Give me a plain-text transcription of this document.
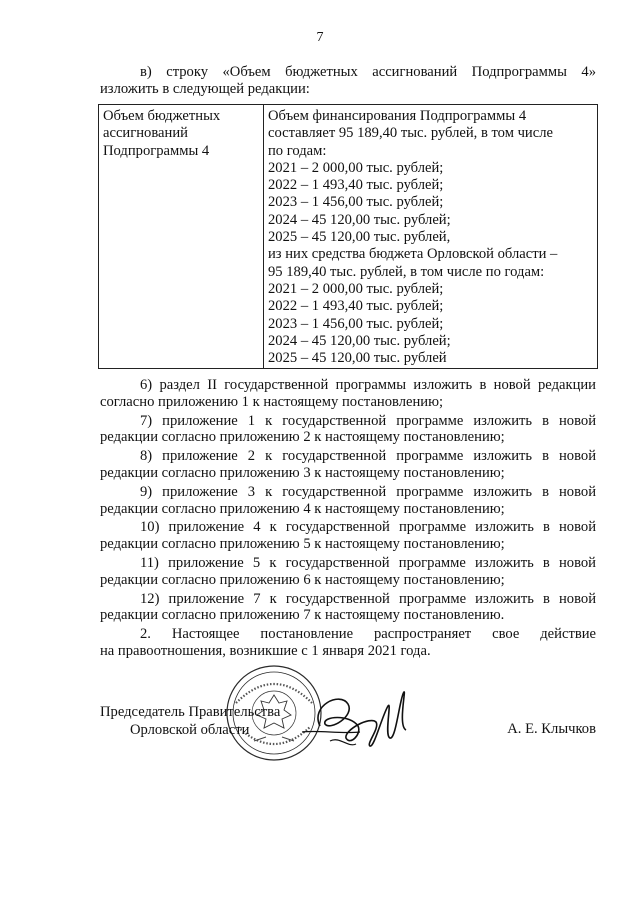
7
в) строку «Объем бюджетных ассигнований Подпрограммы 4»
изложить в следующей редакции:
Объем бюджетных
ассигнований
Подпрограммы 4

Объем финансирования Подпрограммы 4
составляет 95 189,40 тыс. рублей, в том числе
по годам:
2021 – 2 000,00 тыс. рублей;
2022 – 1 493,40 тыс. рублей;
2023 – 1 456,00 тыс. рублей;
2024 – 45 120,00 тыс. рублей;
2025 – 45 120,00 тыс. рублей,
из них средства бюджета Орловской области –
95 189,40 тыс. рублей, в том числе по годам:
2021 – 2 000,00 тыс. рублей;
2022 – 1 493,40 тыс. рублей;
2023 – 1 456,00 тыс. рублей;
2024 – 45 120,00 тыс. рублей;
2025 – 45 120,00 тыс. рублей

6) раздел II государственной программы изложить в новой редакции

согласно приложению 1 к настоящему постановлению;

7) приложение 1 к государственной программе изложить в новой

редакции согласно приложению 2 к настоящему постановлению;

8) приложение 2 к государственной программе изложить в новой

редакции согласно приложению 3 к настоящему постановлению;

9) приложение 3 к государственной программе изложить в новой

редакции согласно приложению 4 к настоящему постановлению;

10) приложение 4 к государственной программе изложить в новой

редакции согласно приложению 5 к настоящему постановлению;

11) приложение 5 к государственной программе изложить в новой

редакции согласно приложению 6 к настоящему постановлению;

12) приложение 7 к государственной программе изложить в новой

редакции согласно приложению 7 к настоящему постановлению.

2. Настоящее постановление распространяет свое действие

на правоотношения, возникшие с 1 января 2021 года.

Председатель Правительства
Орловской области	А. Е. Клычков
